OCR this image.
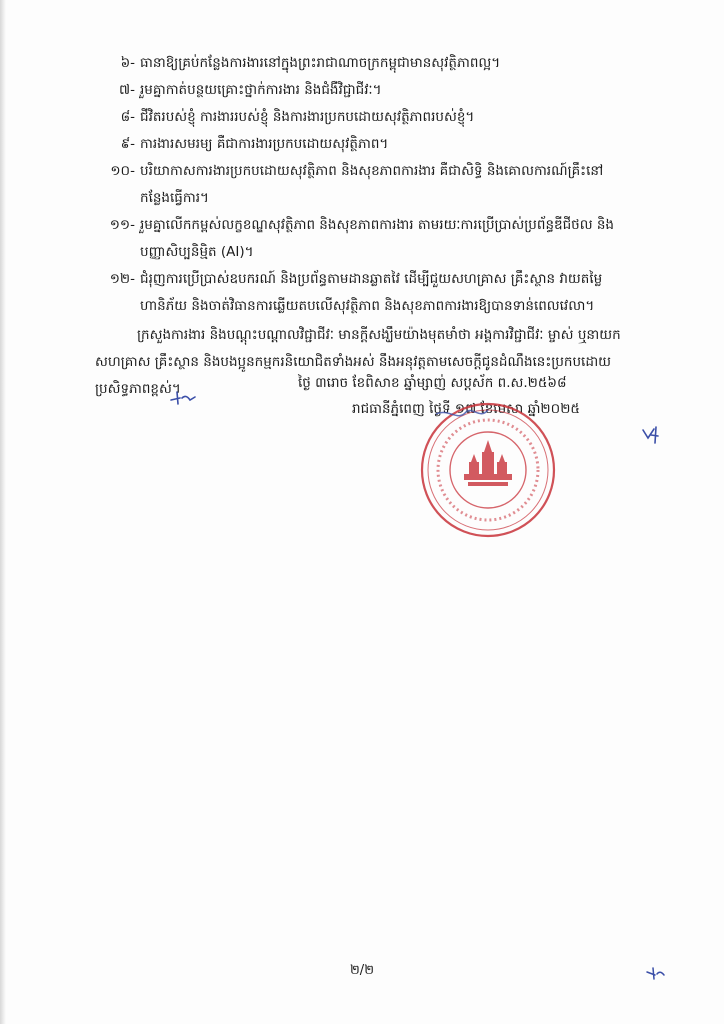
៦- ធានាឱ្យគ្រប់កន្លែងការងារនៅក្នុងព្រះរាជាណាចក្រកម្ពុជាមានសុវត្ថិភាពល្អ។
៧- រួមគ្នាកាត់បន្ថយគ្រោះថ្នាក់ការងារ និងជំងឺវិជ្ជាជីវៈ។
៨- ជីវិតរបស់ខ្ញុំ ការងាររបស់ខ្ញុំ និងការងារប្រកបដោយសុវត្ថិភាពរបស់ខ្ញុំ។
៩- ការងារសមរម្យ គឺជាការងារប្រកបដោយសុវត្ថិភាព។
១០- បរិយាកាសការងារប្រកបដោយសុវត្ថិភាព និងសុខភាពការងារ គឺជាសិទ្ធិ និងគោលការណ៍គ្រឹះនៅ
កន្លែងធ្វើការ។
១១- រួមគ្នាលើកកម្ពស់លក្ខខណ្ឌសុវត្ថិភាព និងសុខភាពការងារ តាមរយៈការប្រើប្រាស់ប្រព័ន្ធឌីជីថល និង
បញ្ញាសិប្បនិម្មិត (AI)។
១២- ជំរុញការប្រើប្រាស់ឧបករណ៍ និងប្រព័ន្ធតាមដានឆ្លាតវៃ ដើម្បីជួយសហគ្រាស គ្រឹះស្ថាន វាយតម្លៃ
ហានិភ័យ និងចាត់វិធានការឆ្លើយតបលើសុវត្ថិភាព និងសុខភាពការងារឱ្យបានទាន់ពេលវេលា។
ក្រសួងការងារ និងបណ្តុះបណ្តាលវិជ្ជាជីវៈ មានក្តីសង្ឃឹមយ៉ាងមុតមាំថា អង្គការវិជ្ជាជីវៈ ម្ចាស់ ឬនាយក
សហគ្រាស គ្រឹះស្ថាន និងបងប្អូនកម្មករនិយោជិតទាំងអស់ នឹងអនុវត្តតាមសេចក្តីជូនដំណឹងនេះប្រកបដោយ
ប្រសិទ្ធភាពខ្ពស់។	ថ្ងៃ ៣រោច ខែពិសាខ ឆ្នាំម្សាញ់ សប្តស័ក ព.ស.២៥៦៨
រាជធានីភ្នំពេញ ថ្ងៃទី ១៧ ខែមេសា ឆ្នាំ២០២៥
២/២
